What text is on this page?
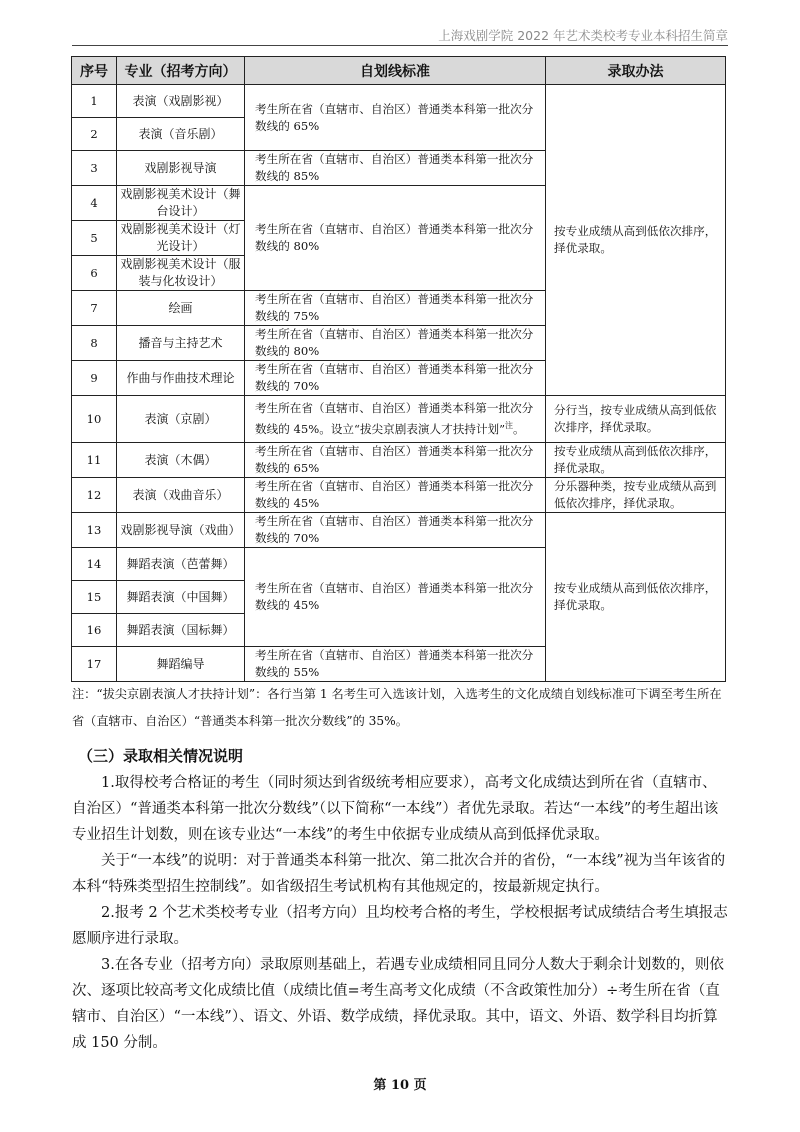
上海戏剧学院 2022 年艺术类校考专业本科招生简章
序号	专业（招考方向）	自划线标准	录取办法
1	表演（戏剧影视）	考生所在省（直辖市、自治区）普通类本科第一批次分数线的 65%	按专业成绩从高到低依次排序，择优录取。
2	表演（音乐剧）		
3	戏剧影视导演	考生所在省（直辖市、自治区）普通类本科第一批次分数线的 85%	
4	戏剧影视美术设计（舞台设计）	考生所在省（直辖市、自治区）普通类本科第一批次分数线的 80%	
5	戏剧影视美术设计（灯光设计）		
6	戏剧影视美术设计（服装与化妆设计）		
7	绘画	考生所在省（直辖市、自治区）普通类本科第一批次分数线的 75%	
8	播音与主持艺术	考生所在省（直辖市、自治区）普通类本科第一批次分数线的 80%	
9	作曲与作曲技术理论	考生所在省（直辖市、自治区）普通类本科第一批次分数线的 70%	
10	表演（京剧）	考生所在省（直辖市、自治区）普通类本科第一批次分数线的 45%。设立“拔尖京剧表演人才扶持计划”$^注$。	分行当，按专业成绩从高到低依次排序，择优录取。
11	表演（木偶）	考生所在省（直辖市、自治区）普通类本科第一批次分数线的 65%	按专业成绩从高到低依次排序，择优录取。
12	表演（戏曲音乐）	考生所在省（直辖市、自治区）普通类本科第一批次分数线的 45%	分乐器种类，按专业成绩从高到低依次排序，择优录取。
13	戏剧影视导演（戏曲）	考生所在省（直辖市、自治区）普通类本科第一批次分数线的 70%	按专业成绩从高到低依次排序，择优录取。
14	舞蹈表演（芭蕾舞）	考生所在省（直辖市、自治区）普通类本科第一批次分数线的 45%	
15	舞蹈表演（中国舞）		
16	舞蹈表演（国标舞）		
17	舞蹈编导	考生所在省（直辖市、自治区）普通类本科第一批次分数线的 55%	
注：“拔尖京剧表演人才扶持计划”：各行当第 1 名考生可入选该计划，入选考生的文化成绩自划线标准可下调至考生所在省（直辖市、自治区）“普通类本科第一批次分数线”的 35%。
（三）录取相关情况说明

1.取得校考合格证的考生（同时须达到省级统考相应要求），高考文化成绩达到所在省（直辖市、自治区）“普通类本科第一批次分数线”（以下简称“一本线”）者优先录取。若达“一本线”的考生超出该专业招生计划数，则在该专业达“一本线”的考生中依据专业成绩从高到低择优录取。

关于“一本线”的说明：对于普通类本科第一批次、第二批次合并的省份，“一本线”视为当年该省的本科“特殊类型招生控制线”。如省级招生考试机构有其他规定的，按最新规定执行。

2.报考 2 个艺术类校考专业（招考方向）且均校考合格的考生，学校根据考试成绩结合考生填报志愿顺序进行录取。

3.在各专业（招考方向）录取原则基础上，若遇专业成绩相同且同分人数大于剩余计划数的，则依次、逐项比较高考文化成绩比值（成绩比值=考生高考文化成绩（不含政策性加分）÷考生所在省（直辖市、自治区）“一本线”）、语文、外语、数学成绩，择优录取。其中，语文、外语、数学科目均折算成 150 分制。

第 10 页
